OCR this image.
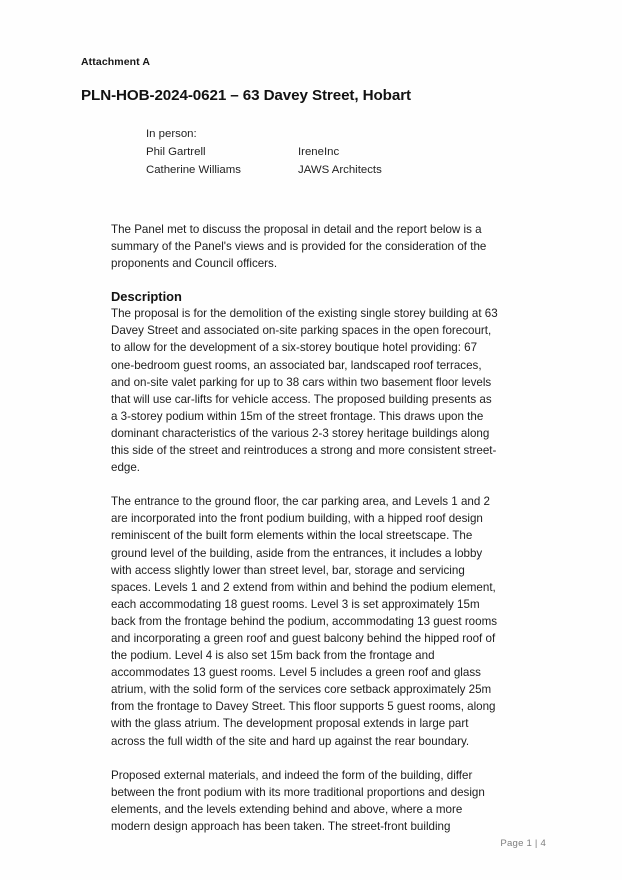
Attachment A
PLN-HOB-2024-0621 – 63 Davey Street, Hobart
In person:
Phil Gartrell	IreneInc
Catherine Williams	JAWS Architects

The Panel met to discuss the proposal in detail and the report below is a
summary of the Panel's views and is provided for the consideration of the
proponents and Council officers.

Description

The proposal is for the demolition of the existing single storey building at 63
Davey Street and associated on-site parking spaces in the open forecourt,
to allow for the development of a six-storey boutique hotel providing: 67
one-bedroom guest rooms, an associated bar, landscaped roof terraces,
and on-site valet parking for up to 38 cars within two basement floor levels
that will use car-lifts for vehicle access. The proposed building presents as
a 3-storey podium within 15m of the street frontage. This draws upon the
dominant characteristics of the various 2-3 storey heritage buildings along
this side of the street and reintroduces a strong and more consistent street-
edge.

The entrance to the ground floor, the car parking area, and Levels 1 and 2
are incorporated into the front podium building, with a hipped roof design
reminiscent of the built form elements within the local streetscape. The
ground level of the building, aside from the entrances, it includes a lobby
with access slightly lower than street level, bar, storage and servicing
spaces. Levels 1 and 2 extend from within and behind the podium element,
each accommodating 18 guest rooms. Level 3 is set approximately 15m
back from the frontage behind the podium, accommodating 13 guest rooms
and incorporating a green roof and guest balcony behind the hipped roof of
the podium. Level 4 is also set 15m back from the frontage and
accommodates 13 guest rooms. Level 5 includes a green roof and glass
atrium, with the solid form of the services core setback approximately 25m
from the frontage to Davey Street. This floor supports 5 guest rooms, along
with the glass atrium. The development proposal extends in large part
across the full width of the site and hard up against the rear boundary.

Proposed external materials, and indeed the form of the building, differ
between the front podium with its more traditional proportions and design
elements, and the levels extending behind and above, where a more
modern design approach has been taken. The street-front building

Page 1 | 4
